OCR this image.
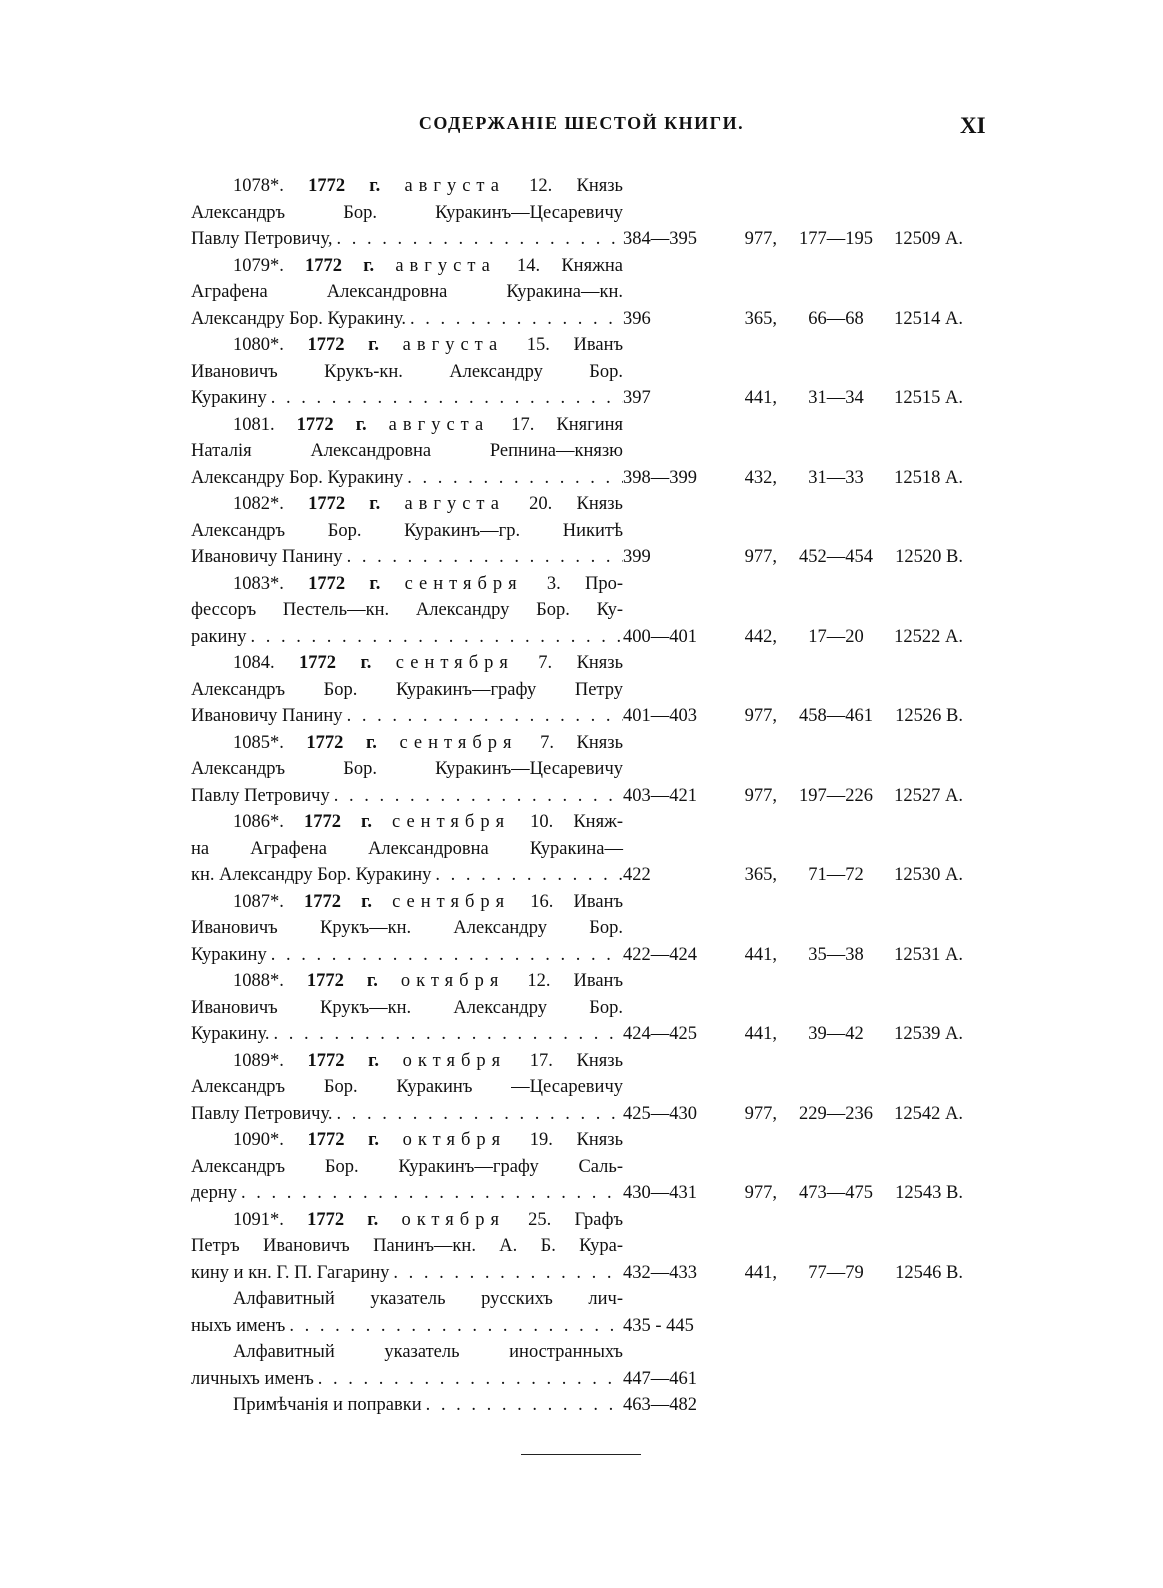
СОДЕРЖАНІЕ ШЕСТОЙ КНИГИ.	XI
1078*. 1772 г. августа 12. Князь
Александръ Бор. Куракинъ—Цесаревичу
Павлу Петровичу, . . .	384—395	977,	177—195	12509 А.
1079*. 1772 г. августа 14. Княжна
Аграфена Александровна Куракина—кн.
Александру Бор. Куракину. . . .	396	365,	66—68	12514 А.
1080*. 1772 г. августа 15. Иванъ
Ивановичъ Крукъ-кн. Александру Бор.
Куракину . . .	397	441,	31—34	12515 А.
1081. 1772 г. августа 17. Княгиня
Наталія Александровна Репнина—князю
Александру Бор. Куракину . . .	398—399	432,	31—33	12518 А.
1082*. 1772 г. августа 20. Князь
Александръ Бор. Куракинъ—гр. Никитѣ
Ивановичу Панину . . .	399	977,	452—454	12520 В.
1083*. 1772 г. сентября 3. Про-
фессоръ Пестель—кн. Александру Бор. Ку-
ракину . . .	400—401	442,	17—20	12522 А.
1084. 1772 г. сентября 7. Князь
Александръ Бор. Куракинъ—графу Петру
Ивановичу Панину . . .	401—403	977,	458—461	12526 В.
1085*. 1772 г. сентября 7. Князь
Александръ Бор. Куракинъ—Цесаревичу
Павлу Петровичу . . .	403—421	977,	197—226	12527 А.
1086*. 1772 г. сентября 10. Княж-
на Аграфена Александровна Куракина—
кн. Александру Бор. Куракину . . .	422	365,	71—72	12530 А.
1087*. 1772 г. сентября 16. Иванъ
Ивановичъ Крукъ—кн. Александру Бор.
Куракину . . .	422—424	441,	35—38	12531 А.
1088*. 1772 г. октября 12. Иванъ
Ивановичъ Крукъ—кн. Александру Бор.
Куракину. . . .	424—425	441,	39—42	12539 А.
1089*. 1772 г. октября 17. Князь
Александръ Бор. Куракинъ —Цесаревичу
Павлу Петровичу. . . .	425—430	977,	229—236	12542 А.
1090*. 1772 г. октября 19. Князь
Александръ Бор. Куракинъ—графу Саль-
дерну . . .	430—431	977,	473—475	12543 В.
1091*. 1772 г. октября 25. Графъ
Петръ Ивановичъ Панинъ—кн. А. Б. Кура-
кину и кн. Г. П. Гагарину . . .	432—433	441,	77—79	12546 В.
Алфавитный указатель русскихъ лич-
ныхъ именъ . . .	435 - 445
Алфавитный указатель иностранныхъ
личныхъ именъ . . .	447—461
Примѣчанія и поправки . . .	463—482
